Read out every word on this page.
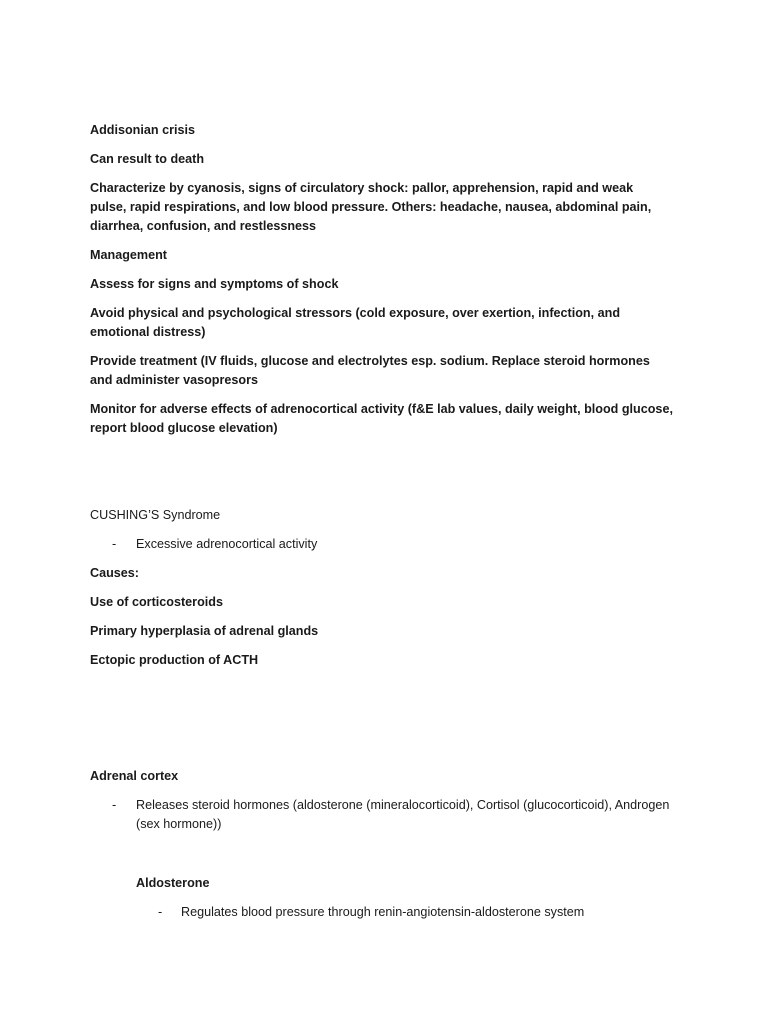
Addisonian crisis

Can result to death

Characterize by cyanosis, signs of circulatory shock: pallor, apprehension, rapid and weak pulse, rapid respirations, and low blood pressure. Others: headache, nausea, abdominal pain, diarrhea, confusion, and restlessness

Management

Assess for signs and symptoms of shock

Avoid physical and psychological stressors (cold exposure, over exertion, infection, and emotional distress)

Provide treatment (IV fluids, glucose and electrolytes esp. sodium. Replace steroid hormones and administer vasopresors

Monitor for adverse effects of adrenocortical activity (f&E lab values, daily weight, blood glucose, report blood glucose elevation)

CUSHING’S Syndrome

- Excessive adrenocortical activity

Causes:

Use of corticosteroids

Primary hyperplasia of adrenal glands

Ectopic production of ACTH

Adrenal cortex

- Releases steroid hormones (aldosterone (mineralocorticoid), Cortisol (glucocorticoid), Androgen (sex hormone))

Aldosterone

- Regulates blood pressure through renin-angiotensin-aldosterone system
